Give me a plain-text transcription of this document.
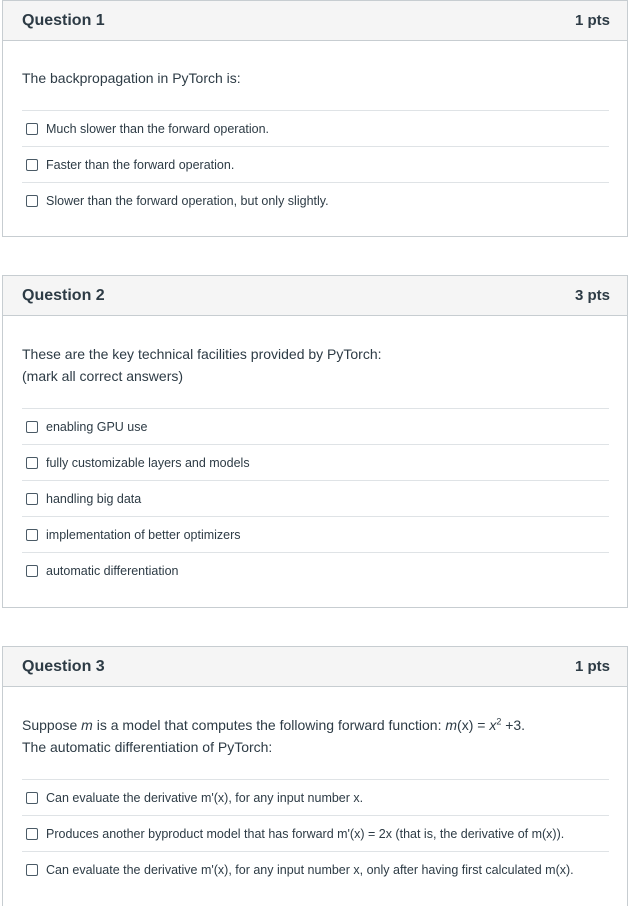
Question 1	1 pts
The backpropagation in PyTorch is:
Much slower than the forward operation.
Faster than the forward operation.
Slower than the forward operation, but only slightly.
Question 2	3 pts
These are the key technical facilities provided by PyTorch:
(mark all correct answers)
enabling GPU use
fully customizable layers and models
handling big data
implementation of better optimizers
automatic differentiation
Question 3	1 pts
Suppose m is a model that computes the following forward function: $m(x) = x^2 +3$.
The automatic differentiation of PyTorch:
Can evaluate the derivative m'(x), for any input number x.
Produces another byproduct model that has forward m'(x) = 2x (that is, the derivative of m(x)).
Can evaluate the derivative m'(x), for any input number x, only after having first calculated m(x).
